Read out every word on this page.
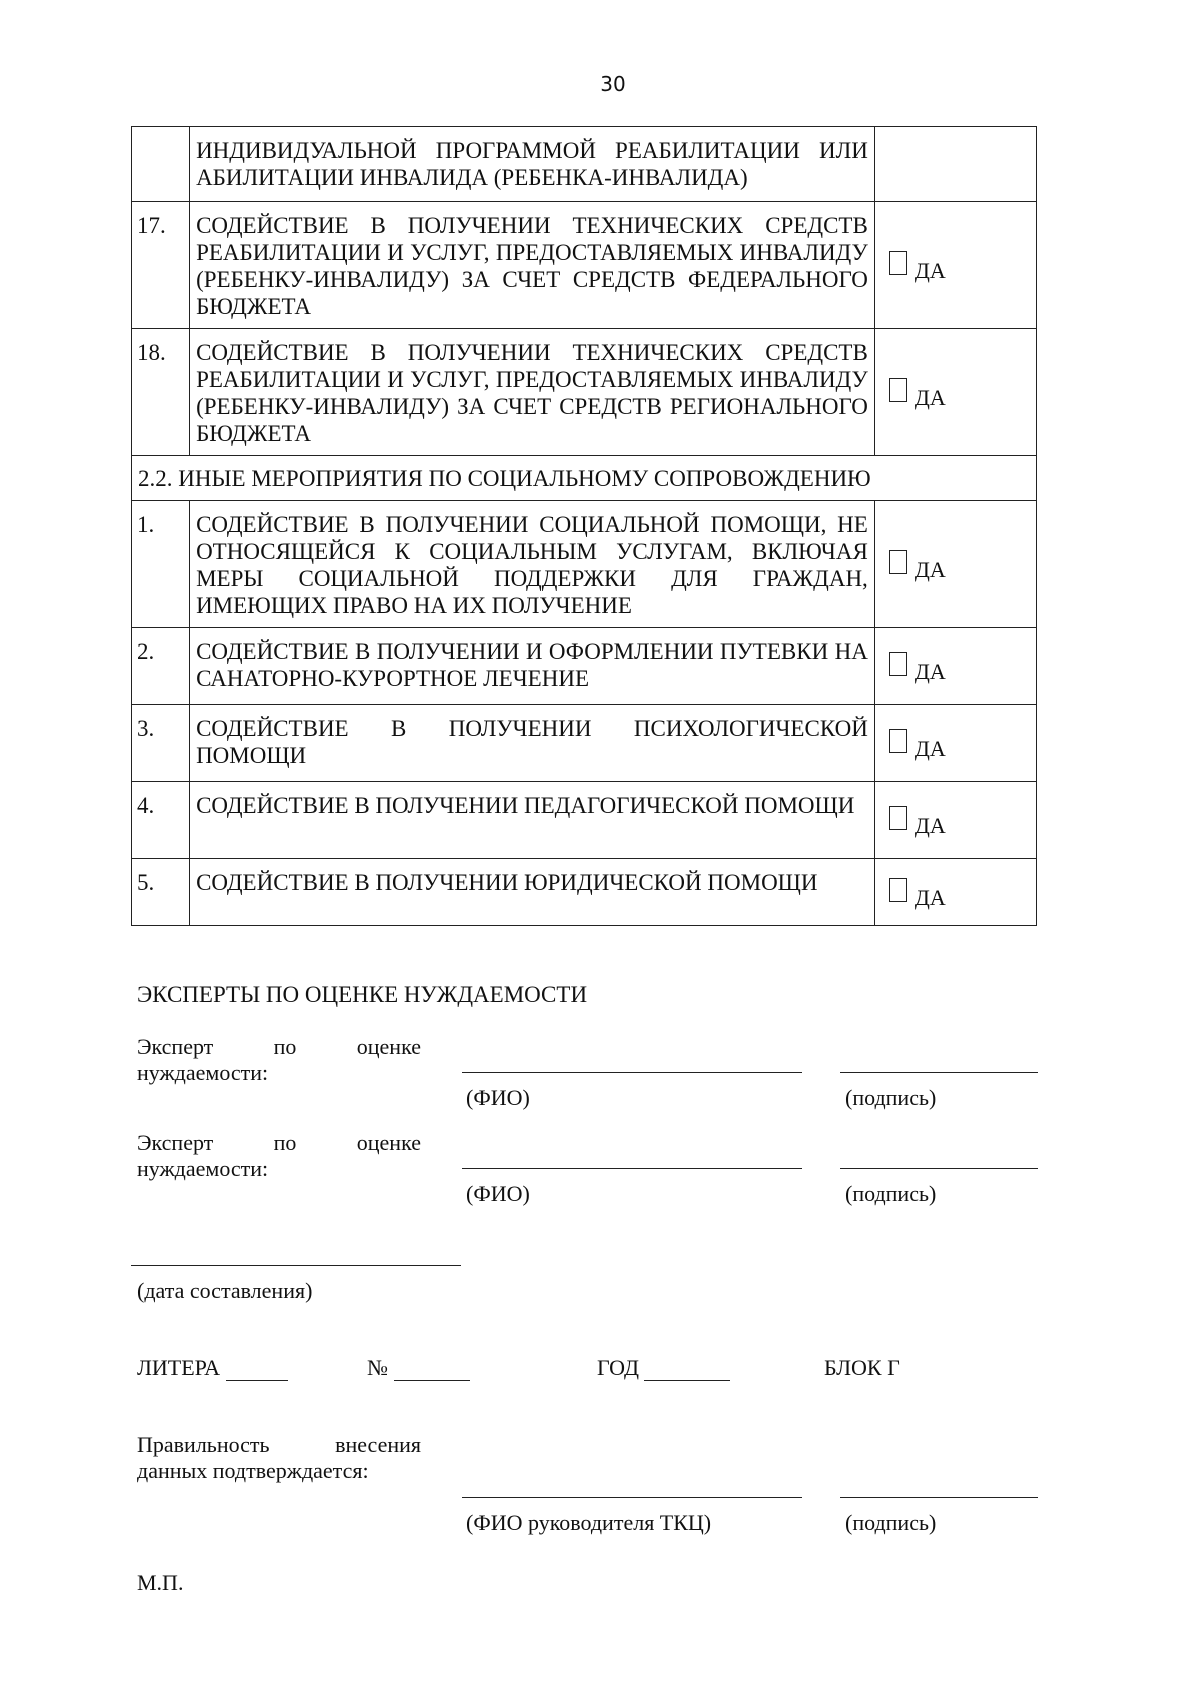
30
	ИНДИВИДУАЛЬНОЙ ПРОГРАММОЙ РЕАБИЛИТАЦИИ ИЛИ АБИЛИТАЦИИ ИНВАЛИДА (РЕБЕНКА-ИНВАЛИДА)	
17.	СОДЕЙСТВИЕ В ПОЛУЧЕНИИ ТЕХНИЧЕСКИХ СРЕДСТВ РЕАБИЛИТАЦИИ И УСЛУГ, ПРЕДОСТАВЛЯЕМЫХ ИНВАЛИДУ (РЕБЕНКУ-ИНВАЛИДУ) ЗА СЧЕТ СРЕДСТВ ФЕДЕРАЛЬНОГО БЮДЖЕТА	ДА
18.	СОДЕЙСТВИЕ В ПОЛУЧЕНИИ ТЕХНИЧЕСКИХ СРЕДСТВ РЕАБИЛИТАЦИИ И УСЛУГ, ПРЕДОСТАВЛЯЕМЫХ ИНВАЛИДУ (РЕБЕНКУ-ИНВАЛИДУ) ЗА СЧЕТ СРЕДСТВ РЕГИОНАЛЬНОГО БЮДЖЕТА	ДА
2.2. ИНЫЕ МЕРОПРИЯТИЯ ПО СОЦИАЛЬНОМУ СОПРОВОЖДЕНИЮ		
1.	СОДЕЙСТВИЕ В ПОЛУЧЕНИИ СОЦИАЛЬНОЙ ПОМОЩИ, НЕ ОТНОСЯЩЕЙСЯ К СОЦИАЛЬНЫМ УСЛУГАМ, ВКЛЮЧАЯ МЕРЫ СОЦИАЛЬНОЙ ПОДДЕРЖКИ ДЛЯ ГРАЖДАН, ИМЕЮЩИХ ПРАВО НА ИХ ПОЛУЧЕНИЕ	ДА
2.	СОДЕЙСТВИЕ В ПОЛУЧЕНИИ И ОФОРМЛЕНИИ ПУТЕВКИ НА САНАТОРНО-КУРОРТНОЕ ЛЕЧЕНИЕ	ДА
3.	СОДЕЙСТВИЕ В ПОЛУЧЕНИИ ПСИХОЛОГИЧЕСКОЙ ПОМОЩИ	ДА
4.	СОДЕЙСТВИЕ В ПОЛУЧЕНИИ ПЕДАГОГИЧЕСКОЙ ПОМОЩИ	ДА
5.	СОДЕЙСТВИЕ В ПОЛУЧЕНИИ ЮРИДИЧЕСКОЙ ПОМОЩИ	ДА
ЭКСПЕРТЫ ПО ОЦЕНКЕ НУЖДАЕМОСТИ
Эксперт	по	оценке
нуждаемости:
(ФИО)	(подпись)
Эксперт	по	оценке
нуждаемости:
(ФИО)	(подпись)
(дата составления)
ЛИТЕРА	№	ГОД	БЛОК Г
Правильность	внесения
данных подтверждается:
(ФИО руководителя ТКЦ)	(подпись)
М.П.
